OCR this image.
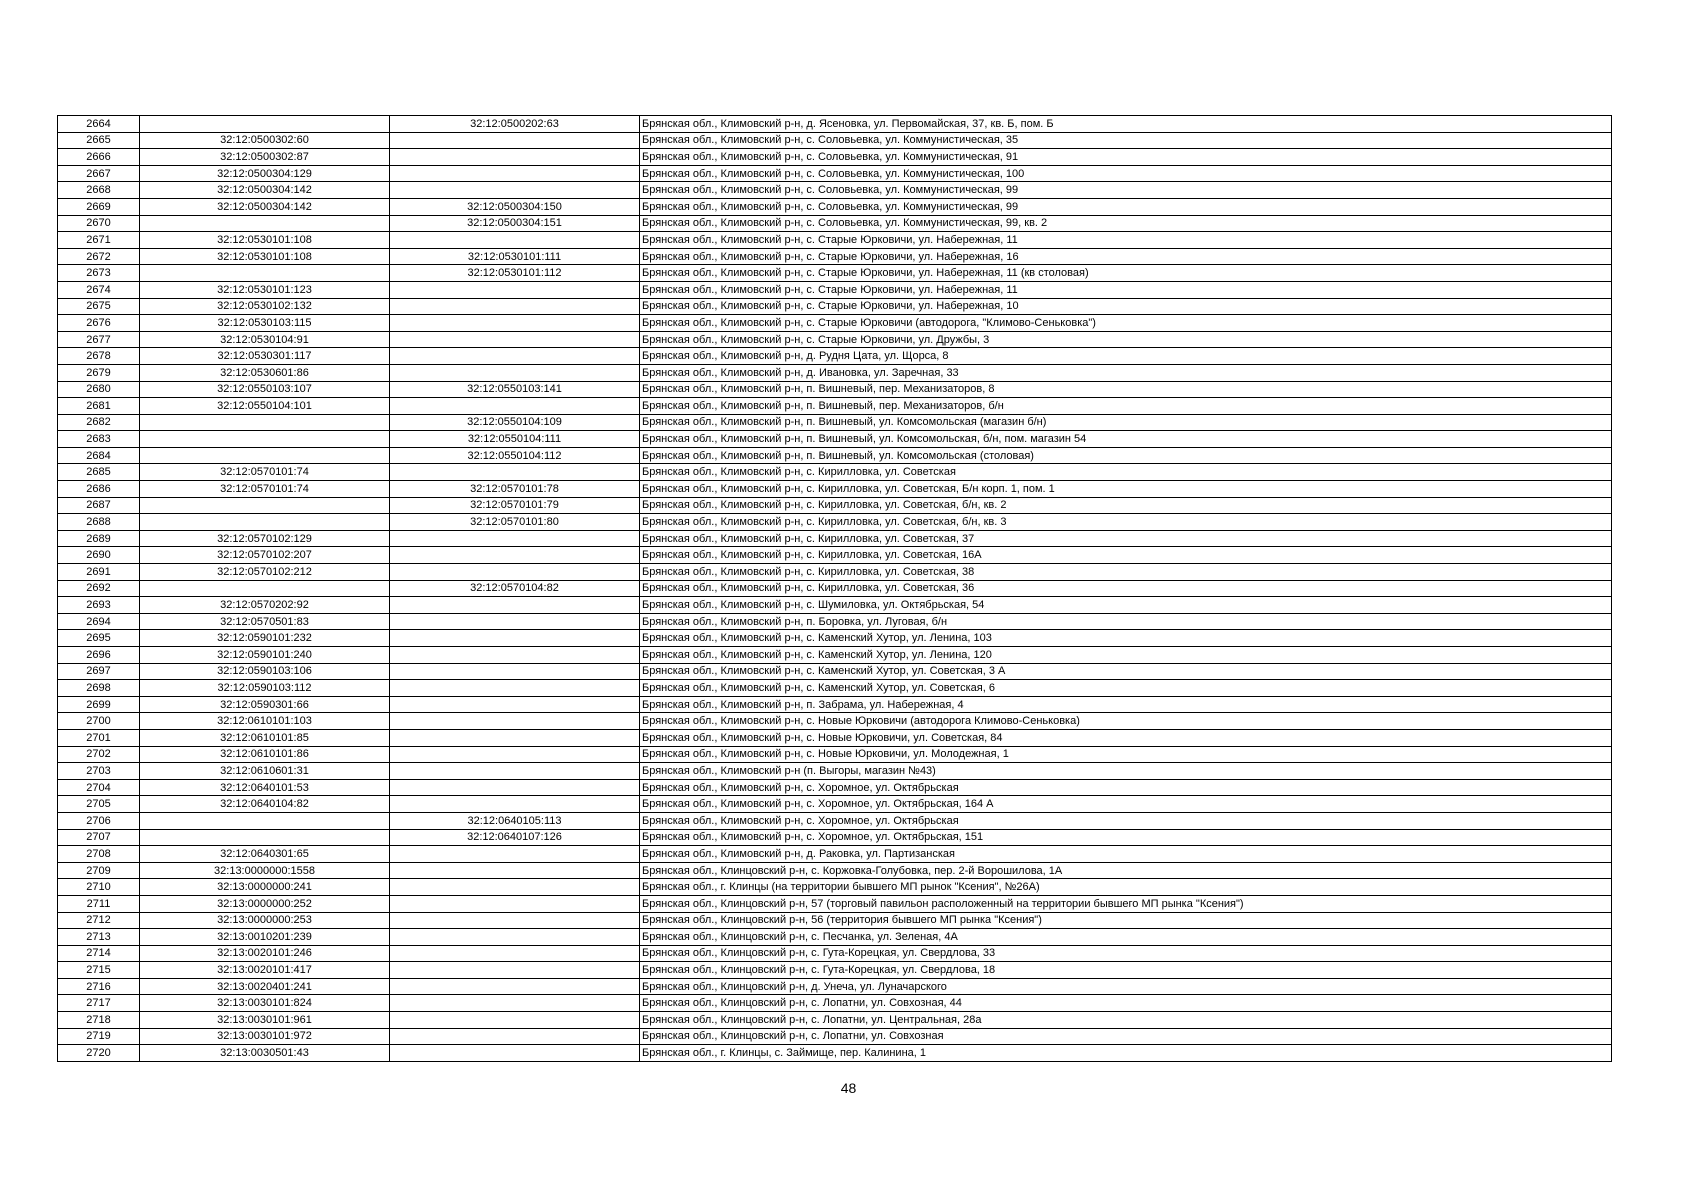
2664		32:12:0500202:63	Брянская обл., Климовский р-н, д. Ясеновка, ул. Первомайская, 37, кв. Б, пом. Б
2665	32:12:0500302:60		Брянская обл., Климовский р-н, с. Соловьевка, ул. Коммунистическая, 35
2666	32:12:0500302:87		Брянская обл., Климовский р-н, с. Соловьевка, ул. Коммунистическая, 91
2667	32:12:0500304:129		Брянская обл., Климовский р-н, с. Соловьевка, ул. Коммунистическая, 100
2668	32:12:0500304:142		Брянская обл., Климовский р-н, с. Соловьевка, ул. Коммунистическая, 99
2669	32:12:0500304:142	32:12:0500304:150	Брянская обл., Климовский р-н, с. Соловьевка, ул. Коммунистическая, 99
2670		32:12:0500304:151	Брянская обл., Климовский р-н, с. Соловьевка, ул. Коммунистическая, 99, кв. 2
2671	32:12:0530101:108		Брянская обл., Климовский р-н, с. Старые Юрковичи, ул. Набережная, 11
2672	32:12:0530101:108	32:12:0530101:111	Брянская обл., Климовский р-н, с. Старые Юрковичи, ул. Набережная, 16
2673		32:12:0530101:112	Брянская обл., Климовский р-н, с. Старые Юрковичи, ул. Набережная, 11 (кв столовая)
2674	32:12:0530101:123		Брянская обл., Климовский р-н, с. Старые Юрковичи, ул. Набережная, 11
2675	32:12:0530102:132		Брянская обл., Климовский р-н, с. Старые Юрковичи, ул. Набережная, 10
2676	32:12:0530103:115		Брянская обл., Климовский р-н, с. Старые Юрковичи (автодорога, "Климово-Сеньковка")
2677	32:12:0530104:91		Брянская обл., Климовский р-н, с. Старые Юрковичи, ул. Дружбы, 3
2678	32:12:0530301:117		Брянская обл., Климовский р-н, д. Рудня Цата, ул. Щорса, 8
2679	32:12:0530601:86		Брянская обл., Климовский р-н, д. Ивановка, ул. Заречная, 33
2680	32:12:0550103:107	32:12:0550103:141	Брянская обл., Климовский р-н, п. Вишневый, пер. Механизаторов, 8
2681	32:12:0550104:101		Брянская обл., Климовский р-н, п. Вишневый, пер. Механизаторов, б/н
2682		32:12:0550104:109	Брянская обл., Климовский р-н, п. Вишневый, ул. Комсомольская (магазин б/н)
2683		32:12:0550104:111	Брянская обл., Климовский р-н, п. Вишневый, ул. Комсомольская, б/н, пом. магазин 54
2684		32:12:0550104:112	Брянская обл., Климовский р-н, п. Вишневый, ул. Комсомольская (столовая)
2685	32:12:0570101:74		Брянская обл., Климовский р-н, с. Кирилловка, ул. Советская
2686	32:12:0570101:74	32:12:0570101:78	Брянская обл., Климовский р-н, с. Кирилловка, ул. Советская, Б/н корп. 1, пом. 1
2687		32:12:0570101:79	Брянская обл., Климовский р-н, с. Кирилловка, ул. Советская, б/н, кв. 2
2688		32:12:0570101:80	Брянская обл., Климовский р-н, с. Кирилловка, ул. Советская, б/н, кв. 3
2689	32:12:0570102:129		Брянская обл., Климовский р-н, с. Кирилловка, ул. Советская, 37
2690	32:12:0570102:207		Брянская обл., Климовский р-н, с. Кирилловка, ул. Советская, 16А
2691	32:12:0570102:212		Брянская обл., Климовский р-н, с. Кирилловка, ул. Советская, 38
2692		32:12:0570104:82	Брянская обл., Климовский р-н, с. Кирилловка, ул. Советская, 36
2693	32:12:0570202:92		Брянская обл., Климовский р-н, с. Шумиловка, ул. Октябрьская, 54
2694	32:12:0570501:83		Брянская обл., Климовский р-н, п. Боровка, ул. Луговая, б/н
2695	32:12:0590101:232		Брянская обл., Климовский р-н, с. Каменский Хутор, ул. Ленина, 103
2696	32:12:0590101:240		Брянская обл., Климовский р-н, с. Каменский Хутор, ул. Ленина, 120
2697	32:12:0590103:106		Брянская обл., Климовский р-н, с. Каменский Хутор, ул. Советская, 3 А
2698	32:12:0590103:112		Брянская обл., Климовский р-н, с. Каменский Хутор, ул. Советская, 6
2699	32:12:0590301:66		Брянская обл., Климовский р-н, п. Забрама, ул. Набережная, 4
2700	32:12:0610101:103		Брянская обл., Климовский р-н, с. Новые Юрковичи (автодорога Климово-Сеньковка)
2701	32:12:0610101:85		Брянская обл., Климовский р-н, с. Новые Юрковичи, ул. Советская, 84
2702	32:12:0610101:86		Брянская обл., Климовский р-н, с. Новые Юрковичи, ул. Молодежная, 1
2703	32:12:0610601:31		Брянская обл., Климовский р-н (п. Выгоры, магазин №43)
2704	32:12:0640101:53		Брянская обл., Климовский р-н, с. Хоромное, ул. Октябрьская
2705	32:12:0640104:82		Брянская обл., Климовский р-н, с. Хоромное, ул. Октябрьская, 164 А
2706		32:12:0640105:113	Брянская обл., Климовский р-н, с. Хоромное, ул. Октябрьская
2707		32:12:0640107:126	Брянская обл., Климовский р-н, с. Хоромное, ул. Октябрьская, 151
2708	32:12:0640301:65		Брянская обл., Климовский р-н, д. Раковка, ул. Партизанская
2709	32:13:0000000:1558		Брянская обл., Клинцовский р-н, с. Коржовка-Голубовка, пер. 2-й Ворошилова, 1А
2710	32:13:0000000:241		Брянская обл., г. Клинцы (на территории бывшего МП рынок "Ксения", №26А)
2711	32:13:0000000:252		Брянская обл., Клинцовский р-н, 57 (торговый павильон расположенный на территории бывшего МП рынка "Ксения")
2712	32:13:0000000:253		Брянская обл., Клинцовский р-н, 56 (территория бывшего МП рынка "Ксения")
2713	32:13:0010201:239		Брянская обл., Клинцовский р-н, с. Песчанка, ул. Зеленая, 4А
2714	32:13:0020101:246		Брянская обл., Клинцовский р-н, с. Гута-Корецкая, ул. Свердлова, 33
2715	32:13:0020101:417		Брянская обл., Клинцовский р-н, с. Гута-Корецкая, ул. Свердлова, 18
2716	32:13:0020401:241		Брянская обл., Клинцовский р-н, д. Унеча, ул. Луначарского
2717	32:13:0030101:824		Брянская обл., Клинцовский р-н, с. Лопатни, ул. Совхозная, 44
2718	32:13:0030101:961		Брянская обл., Клинцовский р-н, с. Лопатни, ул. Центральная, 28а
2719	32:13:0030101:972		Брянская обл., Клинцовский р-н, с. Лопатни, ул. Совхозная
2720	32:13:0030501:43		Брянская обл., г. Клинцы, с. Займище, пер. Калинина, 1
48
